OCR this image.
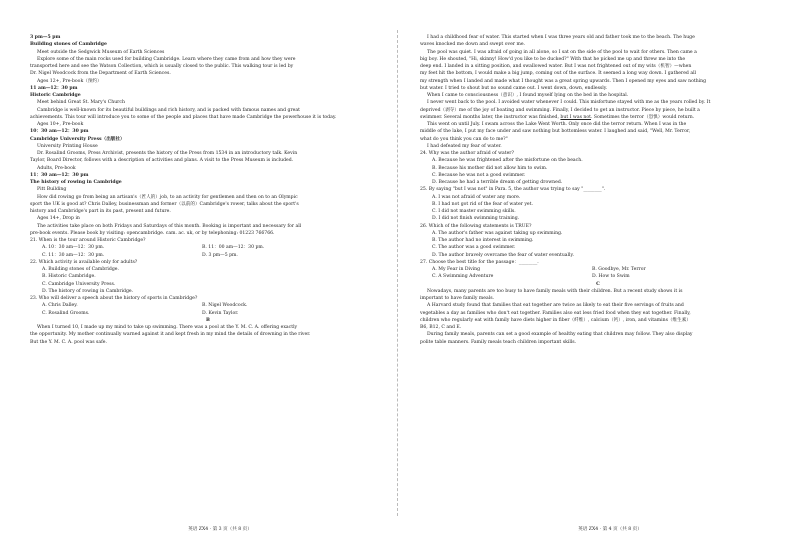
3 pm—5 pm

Building stones of Cambridge

Meet outside the Sedgwick Museum of Earth Sciences

Explore some of the main rocks used for building Cambridge. Learn where they came from and how they were

transported here and see the Watson Collection, which is usually closed to the public. This walking tour is led by

Dr. Nigel Woodcock from the Department of Earth Sciences.

Ages 12+, Pre-book（预约）

11 am—12：30 pm

Historic Cambridge

Meet behind Great St. Mary's Church

Cambridge is well-known for its beautiful buildings and rich history, and is packed with famous names and great

achievements. This tour will introduce you to some of the people and places that have made Cambridge the powerhouse it is today.

Ages 10+, Pre-book

10：30 am—12：30 pm

Cambridge University Press（出版社）

University Printing House

Dr. Rosalind Grooms, Press Archivist, presents the history of the Press from 1534 in an introductory talk. Kevin

Taylor, Board Director, follows with a description of activities and plans. A visit to the Press Museum is included.

Adults, Pre-book

11：30 am—12：30 pm

The history of rowing in Cambridge

Pitt Building

How did rowing go from being an artisan's（匠人的）job, to an activity for gentlemen and then on to an Olympic

sport the UK is good at? Chris Dalley, businessman and former（以前的）Cambridge's rower, talks about the sport's

history and Cambridge's part in its past, present and future.

Ages 14+, Drop in

The activities take place on both Fridays and Saturdays of this month. Booking is important and necessary for all

pre-book events. Please book by visiting: opencambridge. cam. ac. uk, or by telephoning: 01223 766766.

21. When is the tour around Historic Cambridge?

A. 10：30 am—12：30 pm.	B. 11：00 am—12：30 pm.
C. 11：30 am—12：30 pm.	D. 3 pm—5 pm.

22. Which activity is available only for adults?

A. Building stones of Cambridge.

B. Historic Cambridge.

C. Cambridge University Press.

D. The history of rowing in Cambridge.

23. Who will deliver a speech about the history of sports in Cambridge?

A. Chris Dalley.	B. Nigel Woodcock.
C. Rosalind Grooms.	D. Kevin Taylor.

B

When I turned 10, I made up my mind to take up swimming. There was a pool at the Y. M. C. A. offering exactly

the opportunity. My mother continually warned against it and kept fresh in my mind the details of drowning in the river.

But the Y. M. C. A. pool was safe.

I had a childhood fear of water. This started when I was three years old and father took me to the beach. The huge

waves knocked me down and swept over me.

The pool was quiet. I was afraid of going in all alone, so I sat on the side of the pool to wait for others. Then came a

big boy. He shouted, "Hi, skinny! How'd you like to be ducked?" With that he picked me up and threw me into the

deep end. I landed in a sitting position, and swallowed water. But I was not frightened out of my wits（机智）—when

my feet hit the bottom, I would make a big jump, coming out of the surface. It seemed a long way down. I gathered all

my strength when I landed and made what I thought was a great spring upwards. Then I opened my eyes and saw nothing

but water. I tried to shout but no sound came out. I went down, down, endlessly.

When I came to consciousness（意识）, I found myself lying on the bed in the hospital.

I never went back to the pool. I avoided water whenever I could. This misfortune stayed with me as the years rolled by. It

deprived（剥夺）me of the joy of boating and swimming. Finally, I decided to get an instructor. Piece by piece, he built a

swimmer. Several months later, the instructor was finished, but I was not. Sometimes the terror（恐惧）would return.

This went on until July. I swam across the Lake Went Worth. Only once did the terror return. When I was in the

middle of the lake, I put my face under and saw nothing but bottomless water. I laughed and said, "Well, Mr. Terror,

what do you think you can do to me?"

I had defeated my fear of water.

24. Why was the author afraid of water?

A. Because he was frightened after the misfortune on the beach.

B. Because his mother did not allow him to swim.

C. Because he was not a good swimmer.

D. Because he had a terrible dream of getting drowned.

25. By saying "but I was not" in Para. 5, the author was trying to say "________".

A. I was not afraid of water any more.

B. I had not got rid of the fear of water yet.

C. I did not master swimming skills.

D. I did not finish swimming training.

26. Which of the following statements is TRUE?

A. The author's father was against taking up swimming.

B. The author had no interest in swimming.

C. The author was a good swimmer.

D. The author bravely overcame the fear of water eventually.

27. Choose the best title for the passage：________.

A. My Fear in Diving	B. Goodbye, Mr. Terror
C. A Swimming Adventure	D. How to Swim

C

Nowadays, many parents are too busy to have family meals with their children. But a recent study shows it is

important to have family meals.

A Harvard study found that families that eat together are twice as likely to eat their five servings of fruits and

vegetables a day as families who don't eat together. Families also eat less fried food when they eat together. Finally,

children who regularly eat with family have diets higher in fiber（纤维）, calcium（钙）, iron, and vitamins（维生素）

B6, B12, C and E.

During family meals, parents can set a good example of healthy eating that children may follow. They also display

polite table manners. Family meals teach children important skills.

英语 ZX4 · 第 3 页（共 8 页）	英语 ZX4 · 第 4 页（共 8 页）
